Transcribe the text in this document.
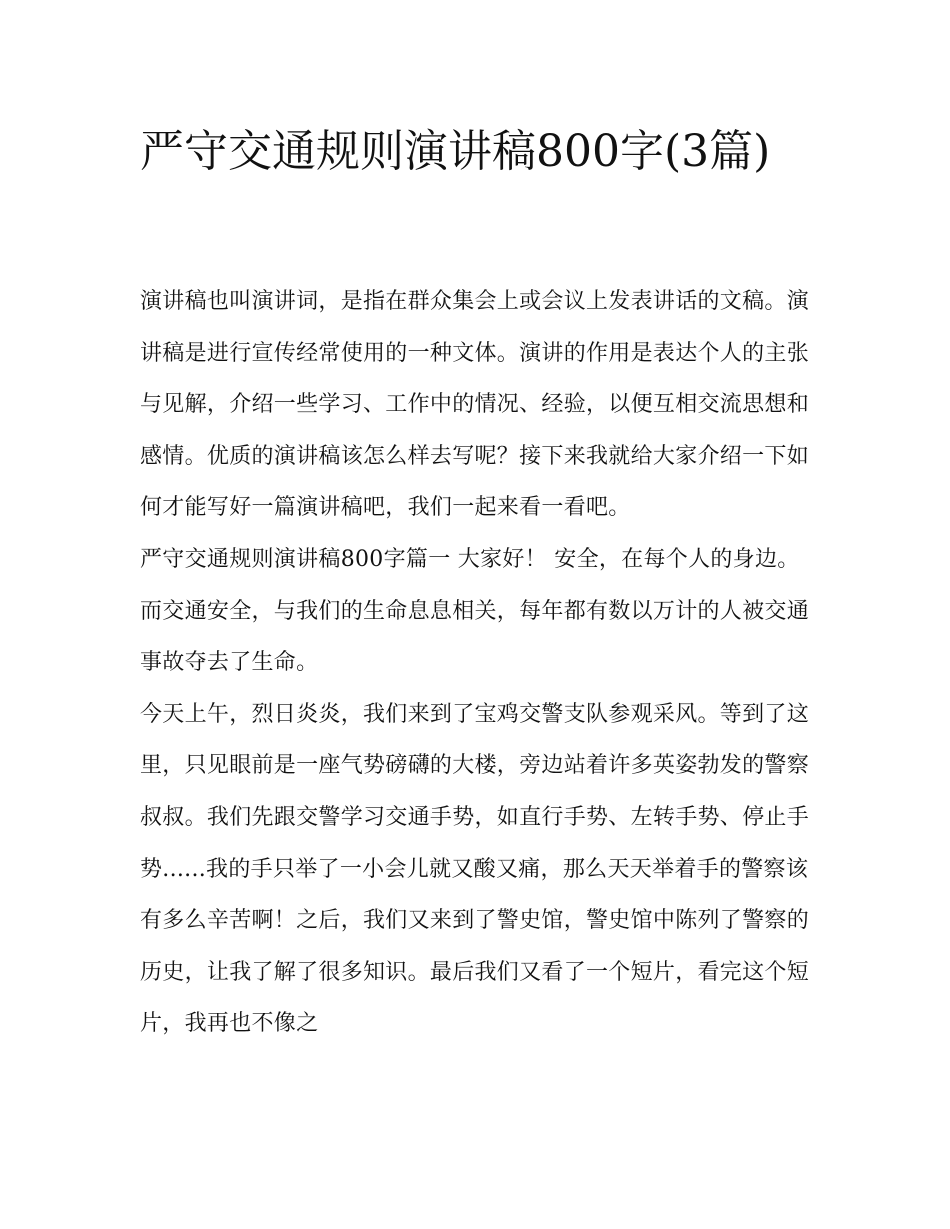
严守交通规则演讲稿800字(3篇)

演讲稿也叫演讲词，是指在群众集会上或会议上发表讲话的文稿。演讲稿是进行宣传经常使用的一种文体。演讲的作用是表达个人的主张与见解，介绍一些学习、工作中的情况、经验，以便互相交流思想和感情。优质的演讲稿该怎么样去写呢？接下来我就给大家介绍一下如何才能写好一篇演讲稿吧，我们一起来看一看吧。

严守交通规则演讲稿800字篇一 大家好！ 安全，在每个人的身边。而交通安全，与我们的生命息息相关，每年都有数以万计的人被交通事故夺去了生命。

今天上午，烈日炎炎，我们来到了宝鸡交警支队参观采风。等到了这里，只见眼前是一座气势磅礴的大楼，旁边站着许多英姿勃发的警察叔叔。我们先跟交警学习交通手势，如直行手势、左转手势、停止手势......我的手只举了一小会儿就又酸又痛，那么天天举着手的警察该有多么辛苦啊！之后，我们又来到了警史馆，警史馆中陈列了警察的历史，让我了解了很多知识。最后我们又看了一个短片，看完这个短片，我再也不像之
